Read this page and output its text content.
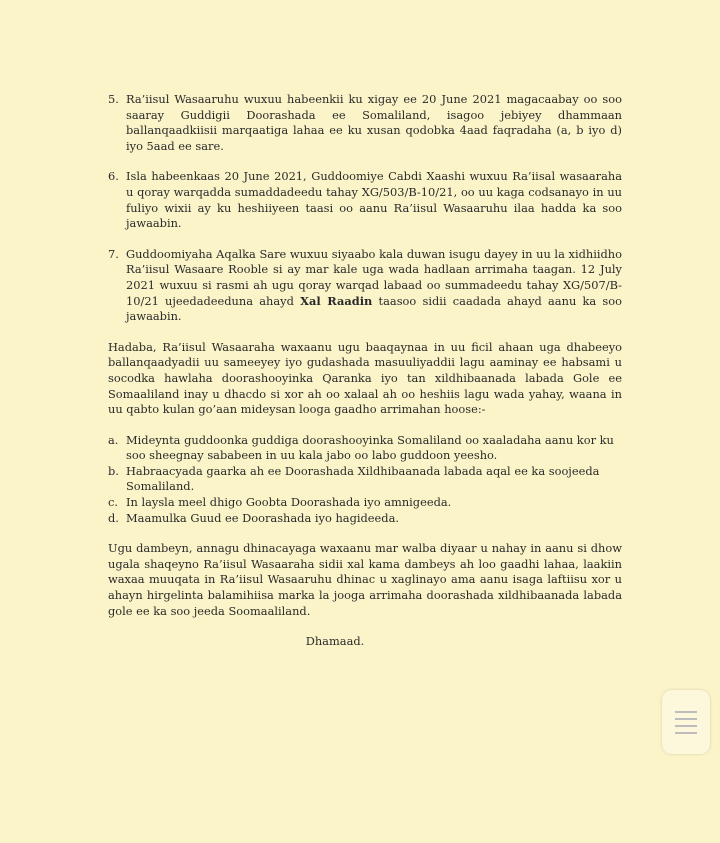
5. Ra’iisul Wasaaruhu wuxuu habeenkii ku xigay ee 20 June 2021 magacaabay oo soo saaray Guddigii Doorashada ee Somaliland, isagoo jebiyey dhammaan ballanqaadkiisii marqaatiga lahaa ee ku xusan qodobka 4aad faqradaha (a, b iyo d) iyo 5aad ee sare.
6. Isla habeenkaas 20 June 2021, Guddoomiye Cabdi Xaashi wuxuu Ra’iisal wasaaraha u qoray warqadda sumaddadeedu tahay XG/503/B-10/21, oo uu kaga codsanayo in uu fuliyo wixii ay ku heshiiyeen taasi oo aanu Ra’iisul Wasaaruhu ilaa hadda ka soo jawaabin.
7. Guddoomiyaha Aqalka Sare wuxuu siyaabo kala duwan isugu dayey in uu la xidhiidho Ra’iisul Wasaare Rooble si ay mar kale uga wada hadlaan arrimaha taagan. 12 July 2021 wuxuu si rasmi ah ugu qoray warqad labaad oo summadeedu tahay XG/507/B-10/21 ujeedadeeduna ahayd Xal Raadin taasoo sidii caadada ahayd aanu ka soo jawaabin.

Hadaba, Ra’iisul Wasaaraha waxaanu ugu baaqaynaa in uu ficil ahaan uga dhabeeyo ballanqaadyadii uu sameeyey iyo gudashada masuuliyaddii lagu aaminay ee habsami u socodka hawlaha doorashooyinka Qaranka iyo tan xildhibaanada labada Gole ee Somaaliland inay u dhacdo si xor ah oo xalaal ah oo heshiis lagu wada yahay, waana in uu qabto kulan go’aan mideysan looga gaadho arrimahan hoose:-

a. Mideynta guddoonka guddiga doorashooyinka Somaliland oo xaaladaha aanu kor ku soo sheegnay sababeen in uu kala jabo oo labo guddoon yeesho.
b. Habraacyada gaarka ah ee Doorashada Xildhibaanada labada aqal ee ka soojeeda Somaliland.
c. In laysla meel dhigo Goobta Doorashada iyo amnigeeda.
d. Maamulka Guud ee Doorashada iyo hagideeda.

Ugu dambeyn, annagu dhinacayaga waxaanu mar walba diyaar u nahay in aanu si dhow ugala shaqeyno Ra’iisul Wasaaraha sidii xal kama dambeys ah loo gaadhi lahaa, laakiin waxaa muuqata in Ra’iisul Wasaaruhu dhinac u xaglinayo ama aanu isaga laftiisu xor u ahayn hirgelinta balamihiisa marka la jooga arrimaha doorashada xildhibaanada labada gole ee ka soo jeeda Soomaaliland.

Dhamaad.
